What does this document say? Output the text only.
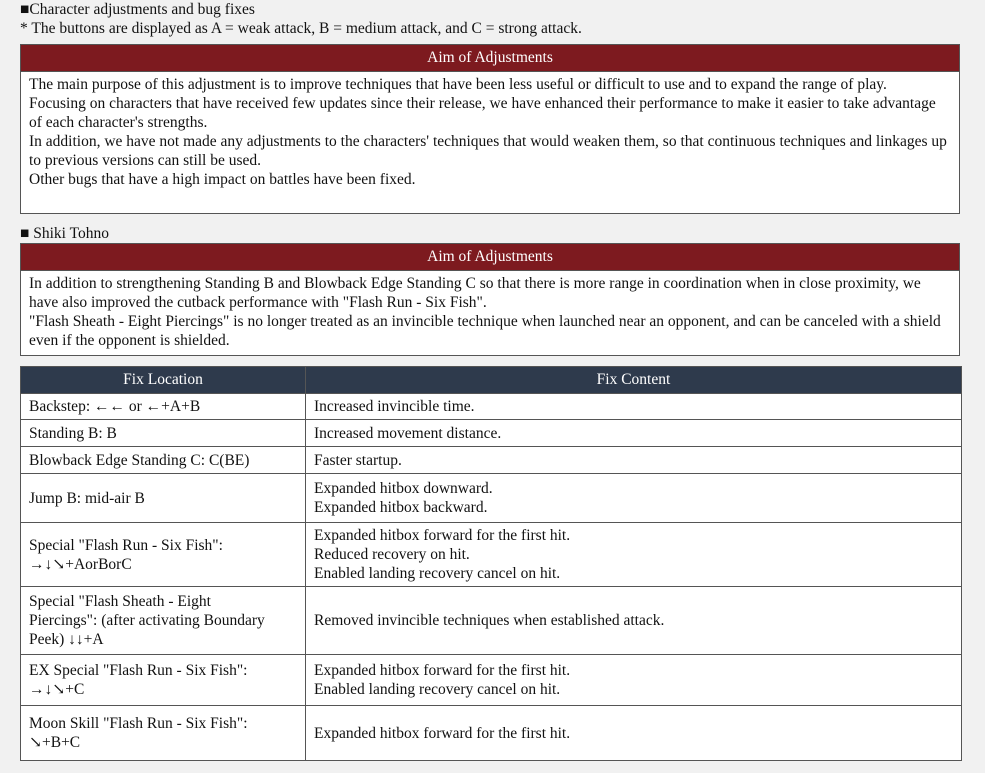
■Character adjustments and bug fixes
* The buttons are displayed as A = weak attack, B = medium attack, and C = strong attack.
Aim of Adjustments

The main purpose of this adjustment is to improve techniques that have been less useful or difficult to use and to expand the range of play.

Focusing on characters that have received few updates since their release, we have enhanced their performance to make it easier to take advantage of each character's strengths.

In addition, we have not made any adjustments to the characters' techniques that would weaken them, so that continuous techniques and linkages up to previous versions can still be used.

Other bugs that have a high impact on battles have been fixed.

■ Shiki Tohno
Aim of Adjustments

In addition to strengthening Standing B and Blowback Edge Standing C so that there is more range in coordination when in close proximity, we have also improved the cutback performance with "Flash Run - Six Fish".

"Flash Sheath - Eight Piercings" is no longer treated as an invincible technique when launched near an opponent, and can be canceled with a shield even if the opponent is shielded.

Fix Location	Fix Content

Backstep: ←← or ←+A+B	Increased invincible time.

Standing B: B	Increased movement distance.

Blowback Edge Standing C: C(BE)	Faster startup.

Jump B: mid-air B	Expanded hitbox downward.
Expanded hitbox backward.

Special "Flash Run - Six Fish":
→↓↘+AorBorC	Expanded hitbox forward for the first hit.
Reduced recovery on hit.
Enabled landing recovery cancel on hit.

Special "Flash Sheath - Eight
Piercings": (after activating Boundary
Peek) ↓↓+A	Removed invincible techniques when established attack.

EX Special "Flash Run - Six Fish":
→↓↘+C	Expanded hitbox forward for the first hit.
Enabled landing recovery cancel on hit.

Moon Skill "Flash Run - Six Fish":
↘+B+C	Expanded hitbox forward for the first hit.
